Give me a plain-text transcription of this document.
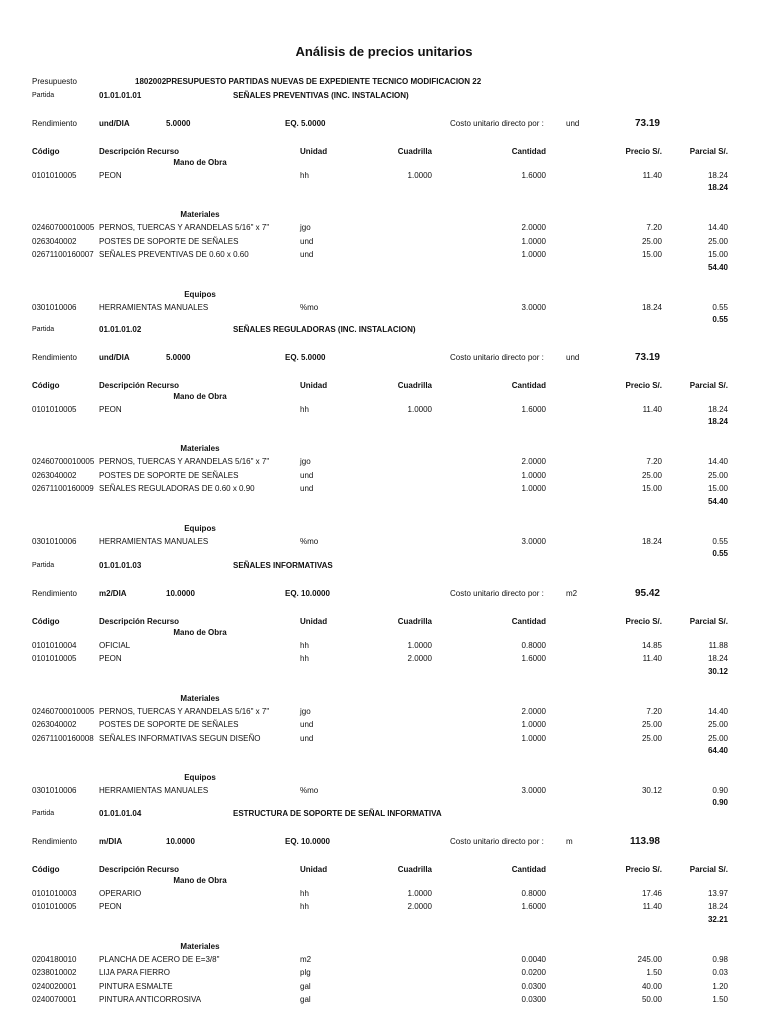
Análisis de precios unitarios
Presupuesto	1802002 PRESUPUESTO PARTIDAS NUEVAS DE EXPEDIENTE TECNICO MODIFICACION 22
Partida	01.01.01.01	SEÑALES PREVENTIVAS (INC. INSTALACION)
Rendimiento	und/DIA	5.0000	EQ. 5.0000	Costo unitario directo por :	und	73.19
Código	Descripción Recurso	Unidad	Cuadrilla	Cantidad	Precio S/.	Parcial S/.
Mano de Obra
0101010005	PEON	hh	1.0000	1.6000	11.40	18.24
18.24
Materiales
02460700010005 PERNOS, TUERCAS Y ARANDELAS 5/16" x 7"	jgo	2.0000	7.20	14.40
0263040002	POSTES DE SOPORTE DE SEÑALES	und	1.0000	25.00	25.00
02671100160007 SEÑALES PREVENTIVAS DE 0.60 x 0.60	und	1.0000	15.00	15.00
54.40
Equipos
0301010006	HERRAMIENTAS MANUALES	%mo	3.0000	18.24	0.55
0.55
Partida	01.01.01.02	SEÑALES REGULADORAS (INC. INSTALACION)
Rendimiento	und/DIA	5.0000	EQ. 5.0000	Costo unitario directo por :	und	73.19
Código	Descripción Recurso	Unidad	Cuadrilla	Cantidad	Precio S/.	Parcial S/.
Mano de Obra
0101010005	PEON	hh	1.0000	1.6000	11.40	18.24
18.24
Materiales
02460700010005 PERNOS, TUERCAS Y ARANDELAS 5/16" x 7"	jgo	2.0000	7.20	14.40
0263040002	POSTES DE SOPORTE DE SEÑALES	und	1.0000	25.00	25.00
02671100160009 SEÑALES REGULADORAS DE 0.60 x 0.90	und	1.0000	15.00	15.00
54.40
Equipos
0301010006	HERRAMIENTAS MANUALES	%mo	3.0000	18.24	0.55
0.55
Partida	01.01.01.03	SEÑALES INFORMATIVAS
Rendimiento	m2/DIA	10.0000	EQ. 10.0000	Costo unitario directo por :	m2	95.42
Código	Descripción Recurso	Unidad	Cuadrilla	Cantidad	Precio S/.	Parcial S/.
Mano de Obra
0101010004	OFICIAL	hh	1.0000	0.8000	14.85	11.88
0101010005	PEON	hh	2.0000	1.6000	11.40	18.24
30.12
Materiales
02460700010005 PERNOS, TUERCAS Y ARANDELAS 5/16" x 7"	jgo	2.0000	7.20	14.40
0263040002	POSTES DE SOPORTE DE SEÑALES	und	1.0000	25.00	25.00
02671100160008 SEÑALES INFORMATIVAS SEGUN DISEÑO	und	1.0000	25.00	25.00
64.40
Equipos
0301010006	HERRAMIENTAS MANUALES	%mo	3.0000	30.12	0.90
0.90
Partida	01.01.01.04	ESTRUCTURA DE SOPORTE DE SEÑAL INFORMATIVA
Rendimiento	m/DIA	10.0000	EQ. 10.0000	Costo unitario directo por :	m	113.98
Código	Descripción Recurso	Unidad	Cuadrilla	Cantidad	Precio S/.	Parcial S/.
Mano de Obra
0101010003	OPERARIO	hh	1.0000	0.8000	17.46	13.97
0101010005	PEON	hh	2.0000	1.6000	11.40	18.24
32.21
Materiales
0204180010	PLANCHA DE ACERO DE E=3/8"	m2	0.0040	245.00	0.98
0238010002	LIJA PARA FIERRO	plg	0.0200	1.50	0.03
0240020001	PINTURA ESMALTE	gal	0.0300	40.00	1.20
0240070001	PINTURA ANTICORROSIVA	gal	0.0300	50.00	1.50
